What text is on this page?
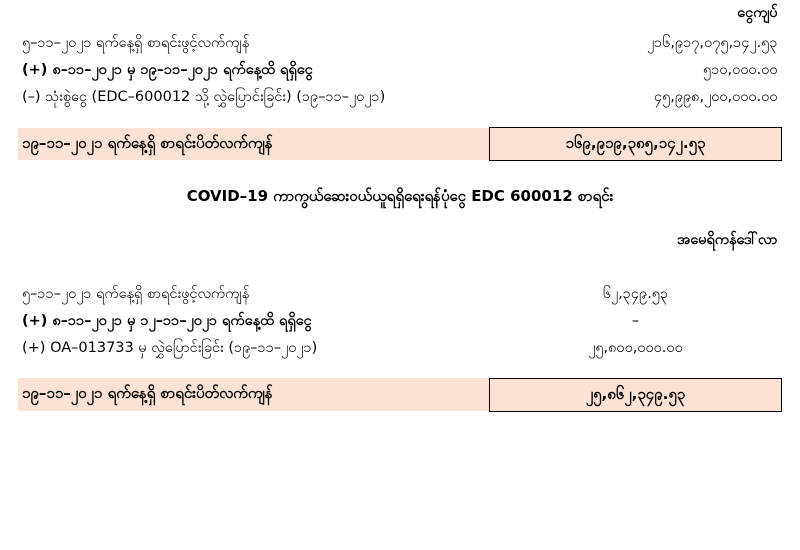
	ငွေကျပ်
၅–၁၁–၂၀၂၁ ရက်နေ့ရှိ စာရင်းဖွင့်လက်ကျန်	၂၁၆,၉၁၇,၀၇၅,၁၄၂.၅၃
(+) ၈–၁၁–၂၀၂၁ မှ ၁၉–၁၁–၂၀၂၁ ရက်နေ့ထိ ရရှိငွေ	၅၁၀,၀၀၀.၀၀
(–) သုံးစွဲငွေ (EDC–600012 သို့ လွှဲပြောင်းခြင်း) (၁၉–၁၁–၂၀၂၁)	၄၅,၉၉၈,၂၀၀,၀၀၀.၀၀

၁၉–၁၁–၂၀၂၁ ရက်နေ့ရှိ စာရင်းပိတ်လက်ကျန်	၁၆၉,၉၁၉,၃၈၅,၁၄၂.၅၃
COVID–19 ကာကွယ်ဆေးဝယ်ယူရရှိရေးရန်ပုံငွေ EDC 600012 စာရင်း
	အမေရိကန်ဒေါ်လာ

၅–၁၁–၂၀၂၁ ရက်နေ့ရှိ စာရင်းဖွင့်လက်ကျန်	၆၂,၃၄၉.၅၃
(+) ၈–၁၁–၂၀၂၁ မှ ၁၂–၁၁–၂၀၂၁ ရက်နေ့ထိ ရရှိငွေ	–
(+) OA–013733 မှ လွှဲပြောင်းခြင်း (၁၉–၁၁–၂၀၂၁)	၂၅,၈၀၀,၀၀၀.၀၀

၁၉–၁၁–၂၀၂၁ ရက်နေ့ရှိ စာရင်းပိတ်လက်ကျန်	၂၅,၈၆၂,၃၄၉.၅၃
